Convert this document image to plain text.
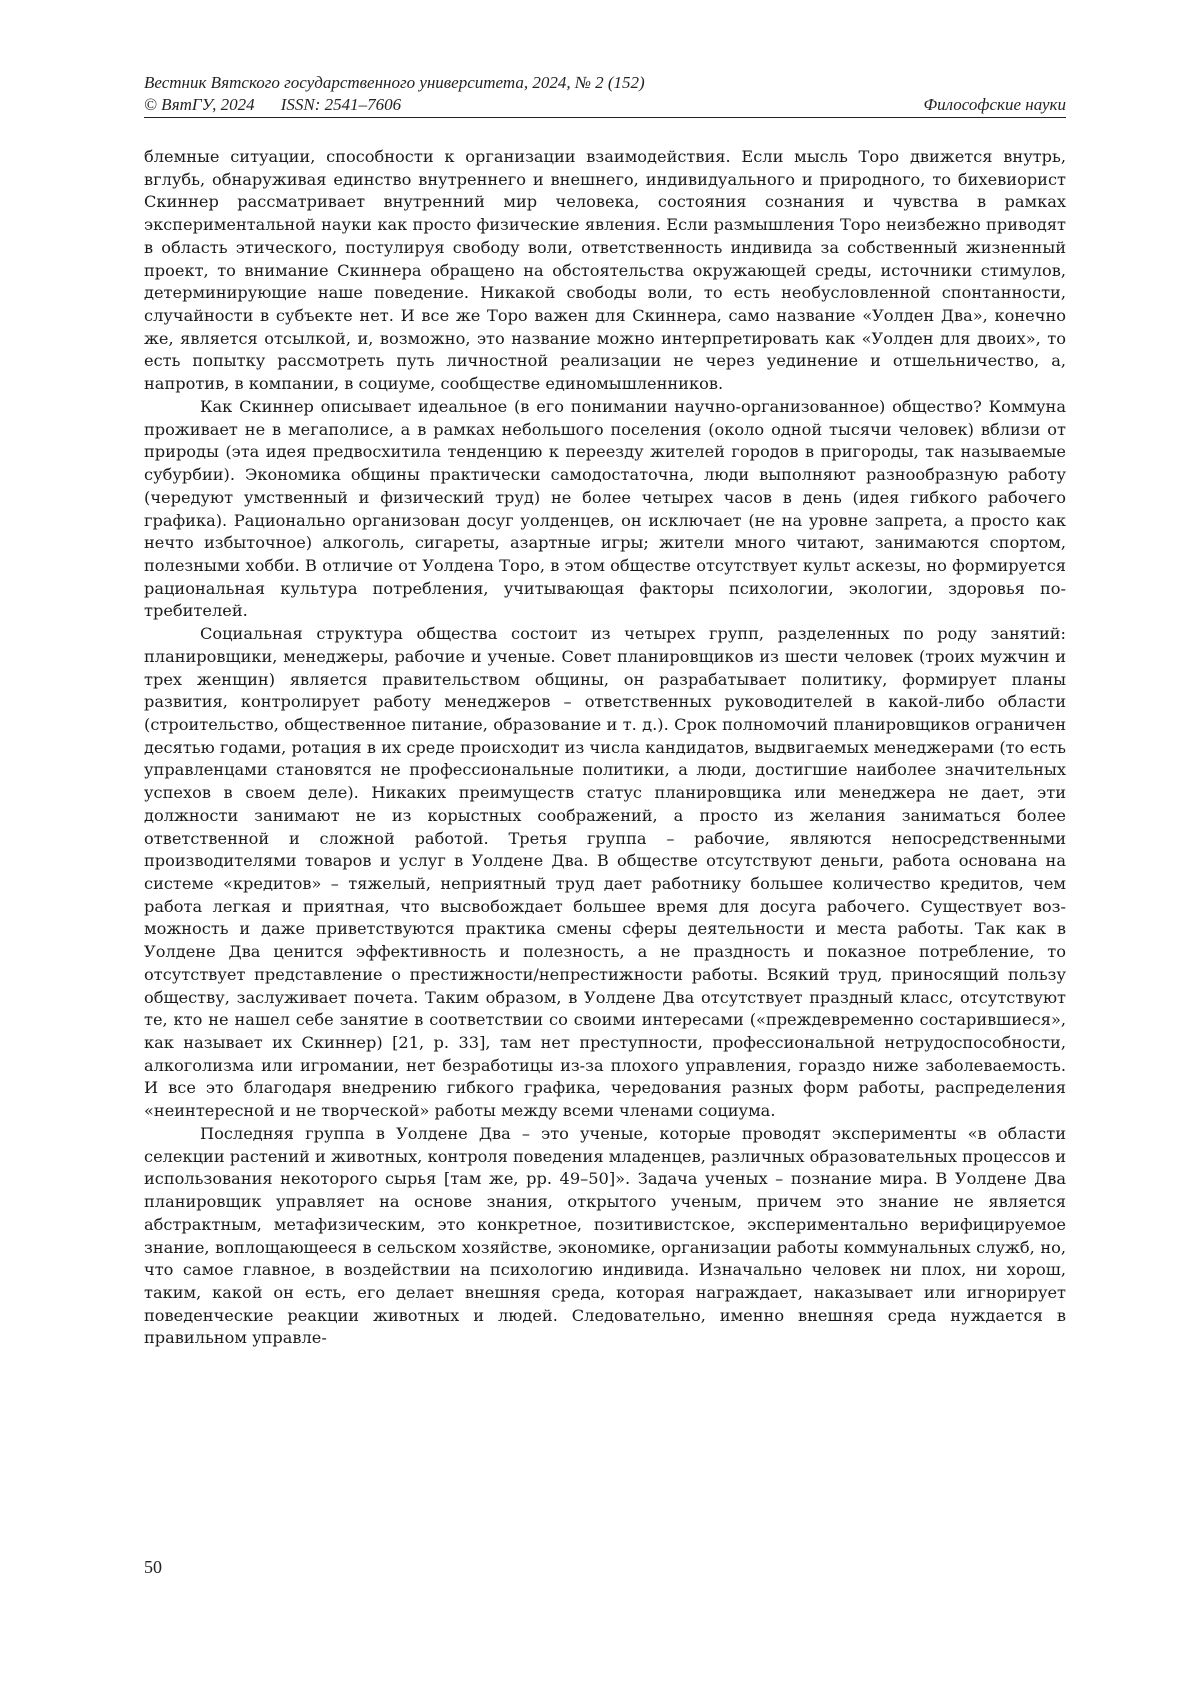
Вестник Вятского государственного университета, 2024, № 2 (152)
© ВятГУ, 2024 ISSN: 2541–7606	Философские науки

блемные ситуации, способности к организации взаимодействия. Если мысль Торо движется внутрь, вглубь, обнаруживая единство внутреннего и внешнего, индивидуального и природного, то бихевиорист Скиннер рассматривает внутренний мир человека, состояния сознания и чувства в рамках экспериментальной науки как просто физические явления. Если размышления Торо неизбежно приводят в область этического, постулируя свободу воли, ответственность индивида за собственный жизненный проект, то внимание Скиннера обращено на обстоятельства окружающей среды, источники стимулов, детерминирующие наше поведение. Никакой свободы воли, то есть необусловленной спонтанности, случайности в субъекте нет. И все же Торо важен для Скиннера, само название «Уолден Два», конечно же, является отсылкой, и, возможно, это название можно интерпретировать как «Уолден для двоих», то есть попытку рассмотреть путь личностной реализации не через уединение и отшельничество, а, напротив, в компании, в социуме, сообществе единомышленников.

Как Скиннер описывает идеальное (в его понимании научно-организованное) общество? Коммуна проживает не в мегаполисе, а в рамках небольшого поселения (около одной тысячи человек) вблизи от природы (эта идея предвосхитила тенденцию к переезду жителей городов в пригороды, так называемые субурбии). Экономика общины практически самодостаточна, люди выполняют разнообразную работу (чередуют умственный и физический труд) не более четырех часов в день (идея гибкого рабочего графика). Рационально организован досуг уолденцев, он исключает (не на уровне запрета, а просто как нечто избыточное) алкоголь, сигареты, азартные игры; жители много читают, занимаются спортом, полезными хобби. В отличие от Уолдена Торо, в этом обществе отсутствует культ аскезы, но формируется рациональная культура потребления, учитывающая факторы психологии, экологии, здоровья потребителей.

Социальная структура общества состоит из четырех групп, разделенных по роду занятий: планировщики, менеджеры, рабочие и ученые. Совет планировщиков из шести человек (троих мужчин и трех женщин) является правительством общины, он разрабатывает политику, формирует планы развития, контролирует работу менеджеров – ответственных руководителей в какой-либо области (строительство, общественное питание, образование и т. д.). Срок полномочий планировщиков ограничен десятью годами, ротация в их среде происходит из числа кандидатов, выдвигаемых менеджерами (то есть управленцами становятся не профессиональные политики, а люди, достигшие наиболее значительных успехов в своем деле). Никаких преимуществ статус планировщика или менеджера не дает, эти должности занимают не из корыстных соображений, а просто из желания заниматься более ответственной и сложной работой. Третья группа – рабочие, являются непосредственными производителями товаров и услуг в Уолдене Два. В обществе отсутствуют деньги, работа основана на системе «кредитов» – тяжелый, неприятный труд дает работнику большее количество кредитов, чем работа легкая и приятная, что высвобождает большее время для досуга рабочего. Существует возможность и даже приветствуются практика смены сферы деятельности и места работы. Так как в Уолдене Два ценится эффективность и полезность, а не праздность и показное потребление, то отсутствует представление о престижности/непрестижности работы. Всякий труд, приносящий пользу обществу, заслуживает почета. Таким образом, в Уолдене Два отсутствует праздный класс, отсутствуют те, кто не нашел себе занятие в соответствии со своими интересами («преждевременно состарившиеся», как называет их Скиннер) [21, p. 33], там нет преступности, профессиональной нетрудоспособности, алкоголизма или игромании, нет безработицы из-за плохого управления, гораздо ниже заболеваемость. И все это благодаря внедрению гибкого графика, чередования разных форм работы, распределения «неинтересной и не творческой» работы между всеми членами социума.

Последняя группа в Уолдене Два – это ученые, которые проводят эксперименты «в области селекции растений и животных, контроля поведения младенцев, различных образовательных процессов и использования некоторого сырья [там же, pp. 49–50]». Задача ученых – познание мира. В Уолдене Два планировщик управляет на основе знания, открытого ученым, причем это знание не является абстрактным, метафизическим, это конкретное, позитивистское, экспериментально верифицируемое знание, воплощающееся в сельском хозяйстве, экономике, организации работы коммунальных служб, но, что самое главное, в воздействии на психологию индивида. Изначально человек ни плох, ни хорош, таким, какой он есть, его делает внешняя среда, которая награждает, наказывает или игнорирует поведенческие реакции животных и людей. Следовательно, именно внешняя среда нуждается в правильном управле-

50
